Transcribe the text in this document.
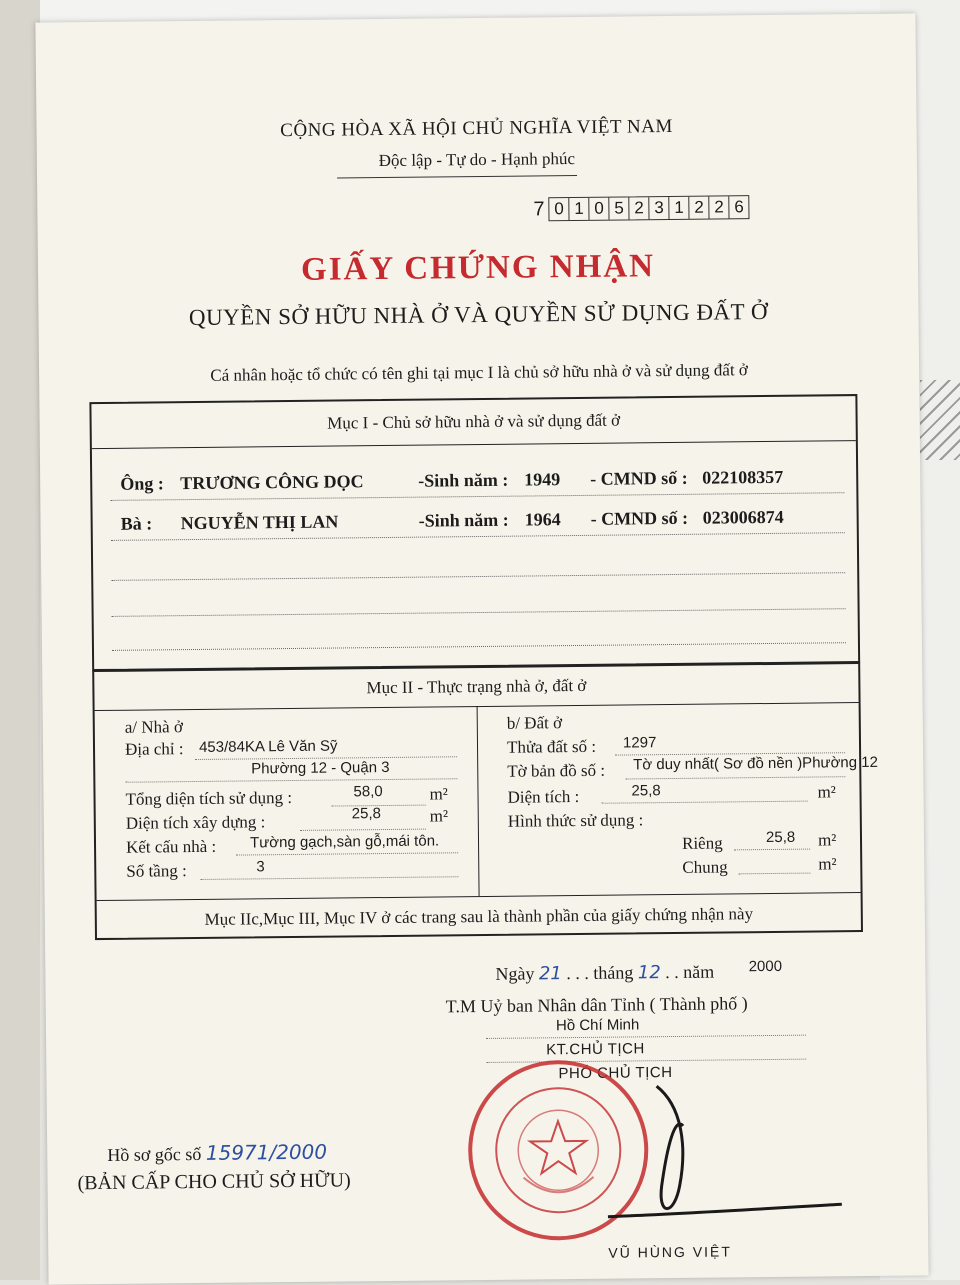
CỘNG HÒA XÃ HỘI CHỦ NGHĨA VIỆT NAM
Độc lập - Tự do - Hạnh phúc
7 0 1 0 5 2 3 1 2 2 6
GIẤY CHỨNG NHẬN
QUYỀN SỞ HỮU NHÀ Ở VÀ QUYỀN SỬ DỤNG ĐẤT Ở
Cá nhân hoặc tổ chức có tên ghi tại mục I là chủ sở hữu nhà ở và sử dụng đất ở
Mục I - Chủ sở hữu nhà ở và sử dụng đất ở
Ông : TRƯƠNG CÔNG DỌC	-Sinh năm : 1949 - CMND số : 022108357
Bà : NGUYỄN THỊ LAN	-Sinh năm : 1964 - CMND số : 023006874
Mục II - Thực trạng nhà ở, đất ở
a/ Nhà ở
Địa chỉ : 453/84KA Lê Văn Sỹ
Phường 12 - Quận 3
Tổng diện tích sử dụng :	58,0	m²
Diện tích xây dựng :	25,8	m²
Kết cấu nhà : Tường gạch,sàn gỗ,mái tôn.
Số tầng :	3
b/ Đất ở
Thửa đất số : 1297
Tờ bản đồ số : Tờ duy nhất( Sơ đồ nền )Phường 12
Diện tích :	25,8	m²
Hình thức sử dụng :
Riêng	25,8 m²
Chung	m²
Mục IIc,Mục III, Mục IV ở các trang sau là thành phần của giấy chứng nhận này
Ngày 21 . . . tháng 12 . . năm $^{2000}$
T.M Uỷ ban Nhân dân Tỉnh ( Thành phố )
Hồ Chí Minh
KT.CHỦ TỊCH
PHÓ CHỦ TỊCH
VŨ HÙNG VIỆT
Hồ sơ gốc số 15971/2000
(BẢN CẤP CHO CHỦ SỞ HỮU)
